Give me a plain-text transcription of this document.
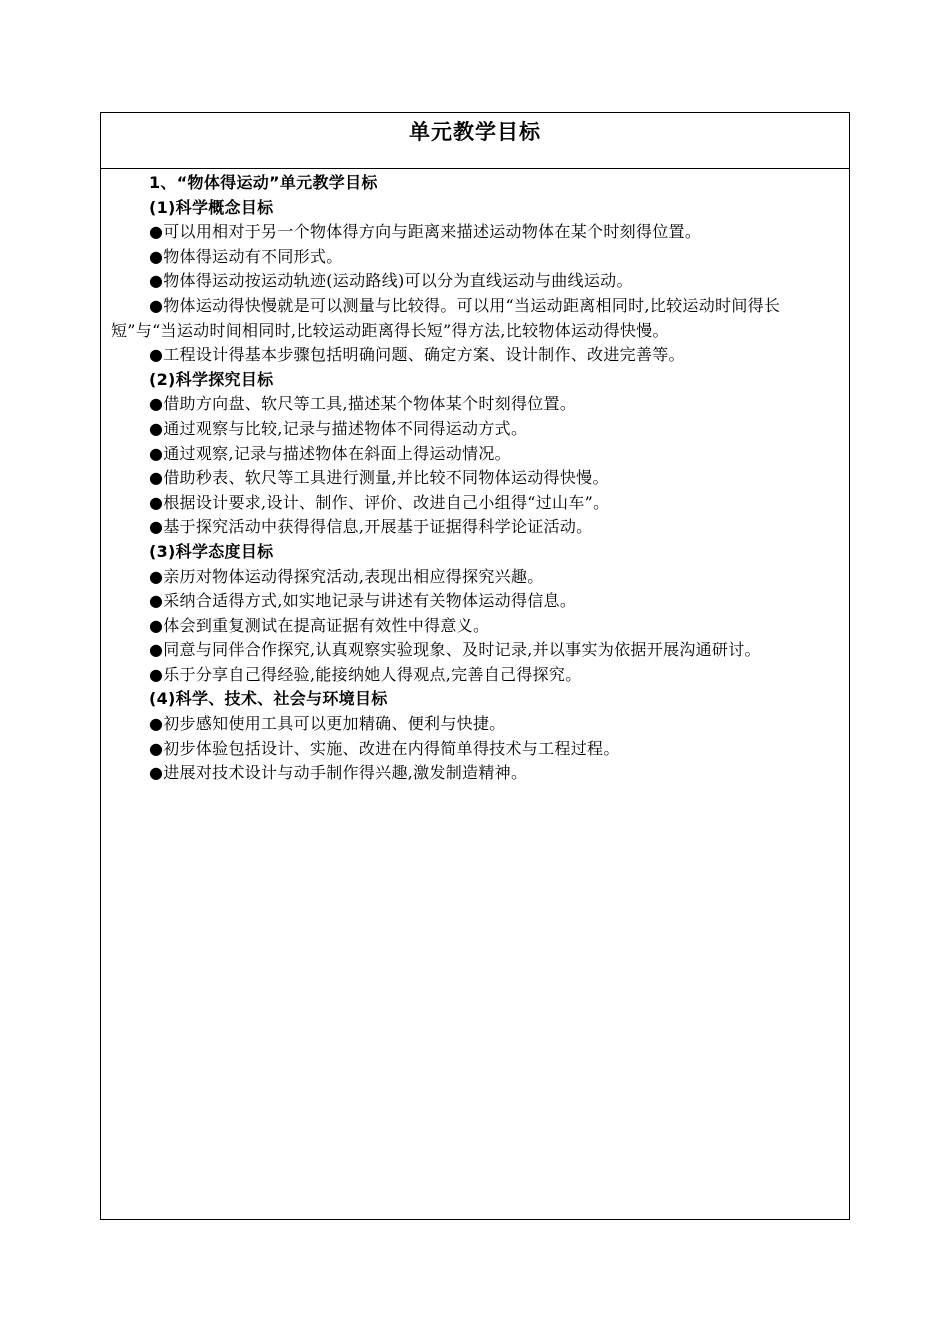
单元教学目标

1、“物体得运动”单元教学目标

(1)科学概念目标

●可以用相对于另一个物体得方向与距离来描述运动物体在某个时刻得位置。

●物体得运动有不同形式。

●物体得运动按运动轨迹(运动路线)可以分为直线运动与曲线运动。

●物体运动得快慢就是可以测量与比较得。可以用“当运动距离相同时,比较运动时间得长短”与“当运动时间相同时,比较运动距离得长短”得方法,比较物体运动得快慢。

●工程设计得基本步骤包括明确问题、确定方案、设计制作、改进完善等。

(2)科学探究目标

●借助方向盘、软尺等工具,描述某个物体某个时刻得位置。

●通过观察与比较,记录与描述物体不同得运动方式。

●通过观察,记录与描述物体在斜面上得运动情况。

●借助秒表、软尺等工具进行测量,并比较不同物体运动得快慢。

●根据设计要求,设计、制作、评价、改进自己小组得“过山车”。

●基于探究活动中获得得信息,开展基于证据得科学论证活动。

(3)科学态度目标

●亲历对物体运动得探究活动,表现出相应得探究兴趣。

●采纳合适得方式,如实地记录与讲述有关物体运动得信息。

●体会到重复测试在提高证据有效性中得意义。

●同意与同伴合作探究,认真观察实验现象、及时记录,并以事实为依据开展沟通研讨。

●乐于分享自己得经验,能接纳她人得观点,完善自己得探究。

(4)科学、技术、社会与环境目标

●初步感知使用工具可以更加精确、便利与快捷。

●初步体验包括设计、实施、改进在内得简单得技术与工程过程。

●进展对技术设计与动手制作得兴趣,激发制造精神。
